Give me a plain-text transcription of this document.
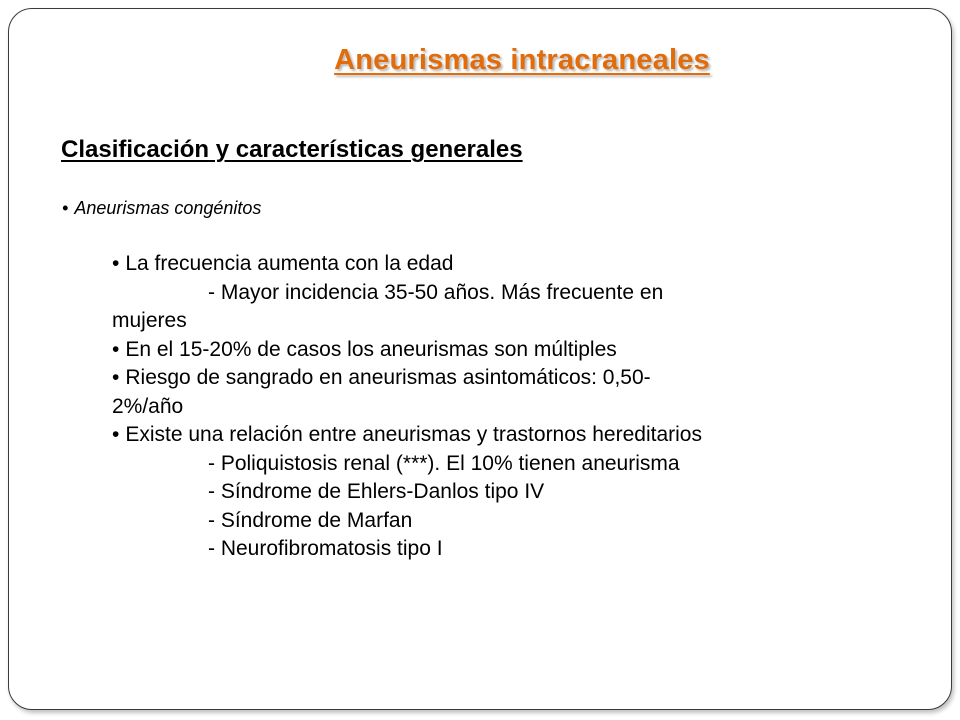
Aneurismas intracraneales
Clasificación y características generales
• Aneurismas congénitos
• La frecuencia aumenta con la edad
- Mayor incidencia 35-50 años. Más frecuente en
mujeres
• En el 15-20% de casos los aneurismas son múltiples
• Riesgo de sangrado en aneurismas asintomáticos: 0,50-
2%/año
• Existe una relación entre aneurismas y trastornos hereditarios
- Poliquistosis renal (***). El 10% tienen aneurisma
- Síndrome de Ehlers-Danlos tipo IV
- Síndrome de Marfan
- Neurofibromatosis tipo I
